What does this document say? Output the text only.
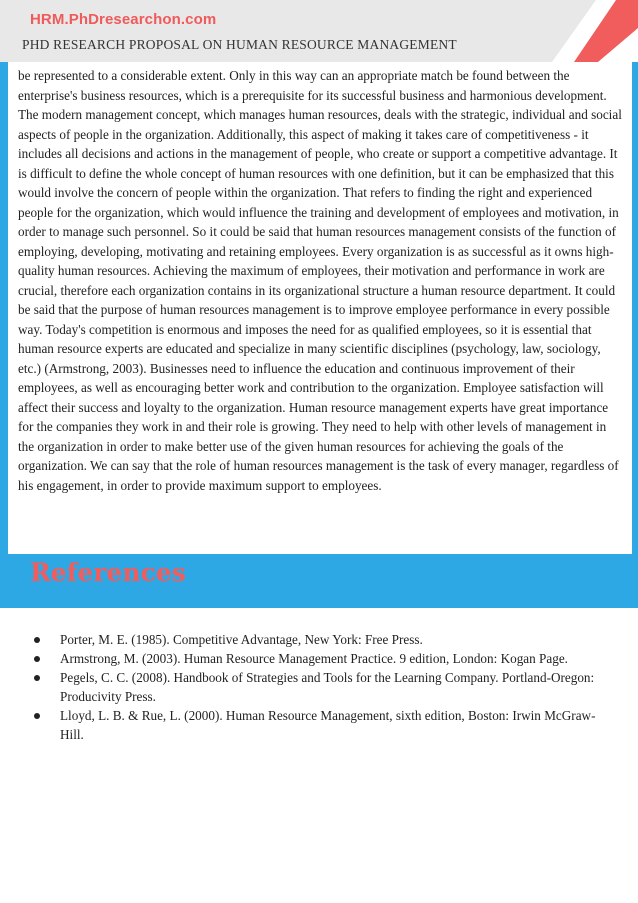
HRM.PhDresearchon.com
PHD RESEARCH PROPOSAL ON HUMAN RESOURCE MANAGEMENT

be represented to a considerable extent. Only in this way can an appropriate match be found between the enterprise's business resources, which is a prerequisite for its successful business and harmonious development. The modern management concept, which manages human resources, deals with the strategic, individual and social aspects of people in the organization. Additionally, this aspect of making it takes care of competitiveness - it includes all decisions and actions in the management of people, who create or support a competitive advantage. It is difficult to define the whole concept of human resources with one definition, but it can be emphasized that this would involve the concern of people within the organization. That refers to finding the right and experienced people for the organization, which would influence the training and development of employees and motivation, in order to manage such personnel. So it could be said that human resources management consists of the function of employing, developing, motivating and retaining employees. Every organization is as successful as it owns high-quality human resources. Achieving the maximum of employees, their motivation and performance in work are crucial, therefore each organization contains in its organizational structure a human resource department. It could be said that the purpose of human resources management is to improve employee performance in every possible way. Today's competition is enormous and imposes the need for as qualified employees, so it is essential that human resource experts are educated and specialize in many scientific disciplines (psychology, law, sociology, etc.) (Armstrong, 2003). Businesses need to influence the education and continuous improvement of their employees, as well as encouraging better work and contribution to the organization. Employee satisfaction will affect their success and loyalty to the organization. Human resource management experts have great importance for the companies they work in and their role is growing. They need to help with other levels of management in the organization in order to make better use of the given human resources for achieving the goals of the organization. We can say that the role of human resources management is the task of every manager, regardless of his engagement, in order to provide maximum support to employees.

References
Porter, M. E. (1985). Competitive Advantage, New York: Free Press.
Armstrong, M. (2003). Human Resource Management Practice. 9 edition, London: Kogan Page.
Pegels, C. C. (2008). Handbook of Strategies and Tools for the Learning Company. Portland-Oregon: Producivity Press.
Lloyd, L. B. & Rue, L. (2000). Human Resource Management, sixth edition, Boston: Irwin McGraw-Hill.
